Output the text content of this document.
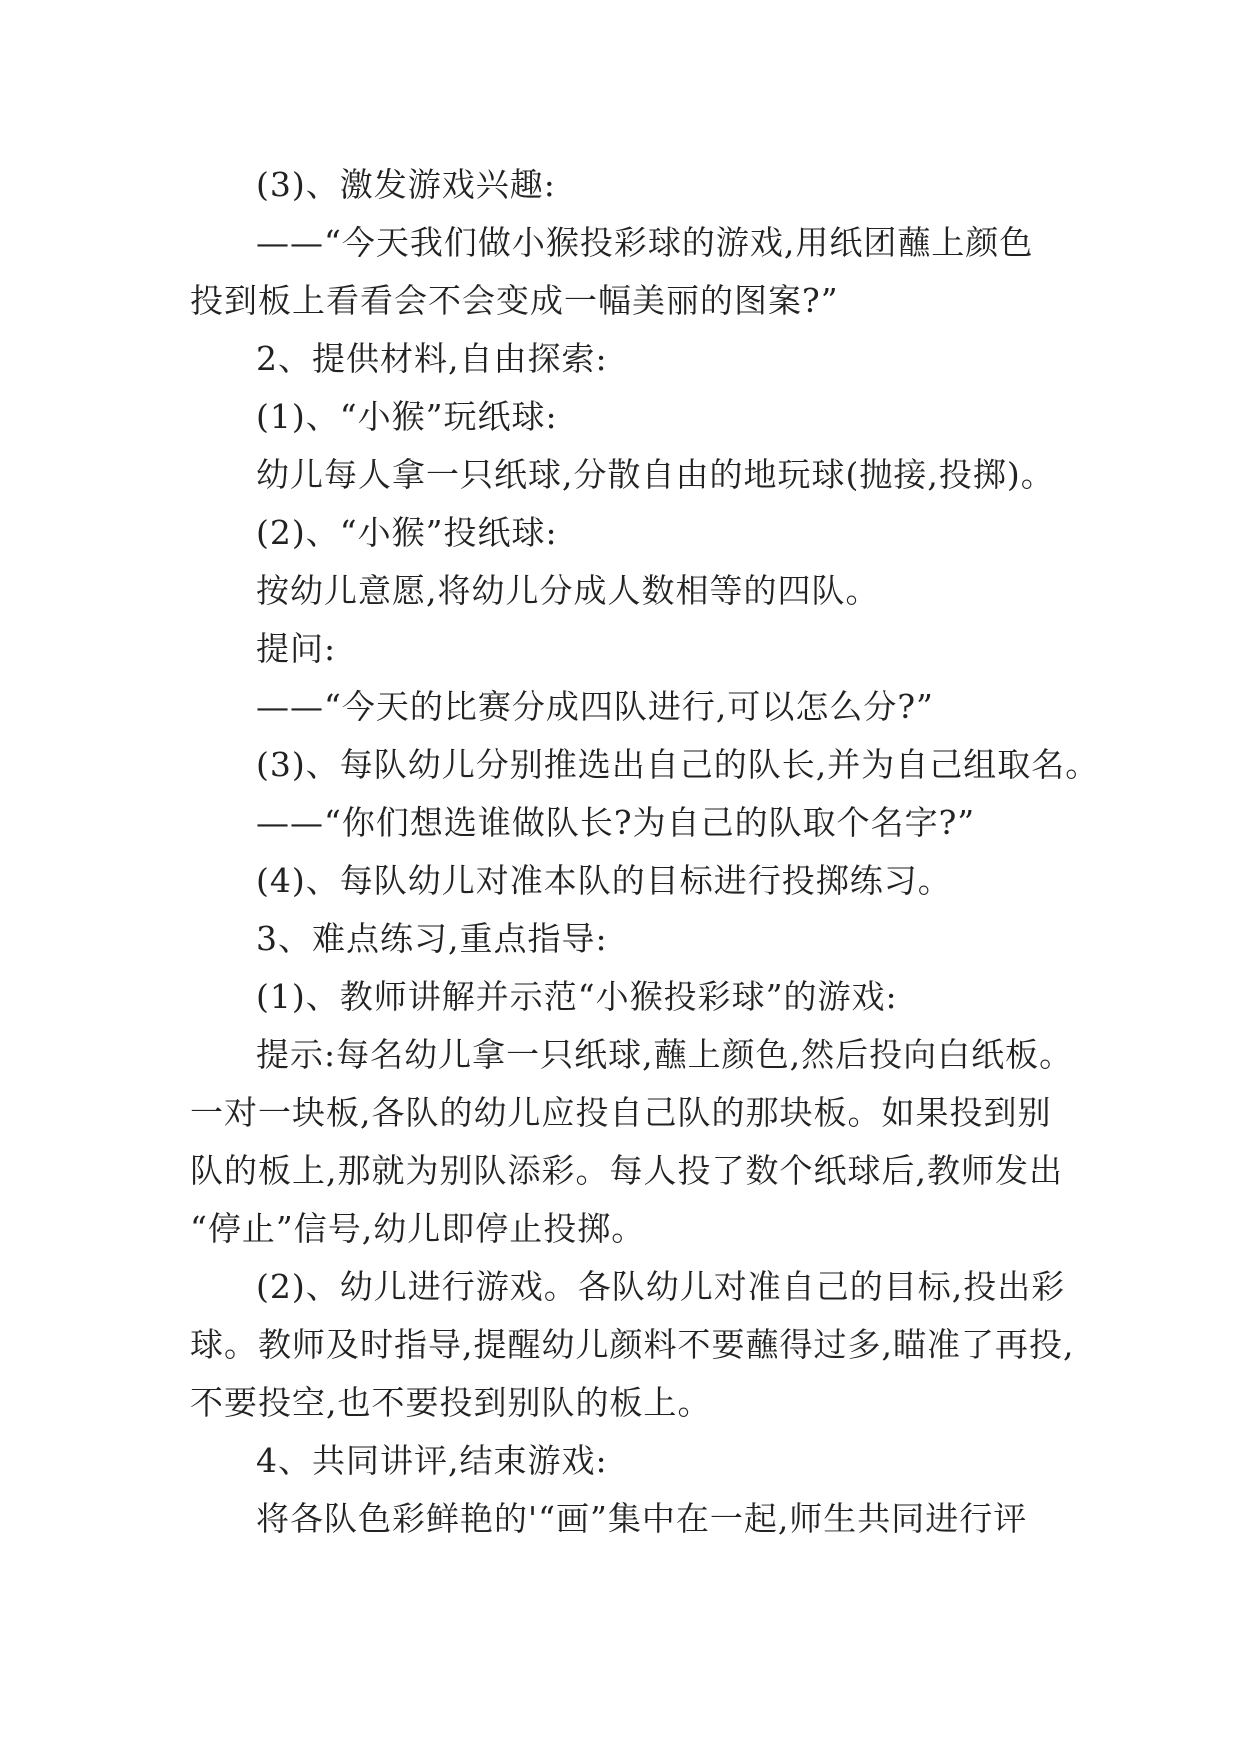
(3)、激发游戏兴趣:
——“今天我们做小猴投彩球的游戏,用纸团蘸上颜色
投到板上看看会不会变成一幅美丽的图案?”
2、提供材料,自由探索:
(1)、“小猴”玩纸球:
幼儿每人拿一只纸球,分散自由的地玩球(抛接,投掷)。
(2)、“小猴”投纸球:
按幼儿意愿,将幼儿分成人数相等的四队。
提问:
——“今天的比赛分成四队进行,可以怎么分?”
(3)、每队幼儿分别推选出自己的队长,并为自己组取名。
——“你们想选谁做队长?为自己的队取个名字?”
(4)、每队幼儿对准本队的目标进行投掷练习。
3、难点练习,重点指导:
(1)、教师讲解并示范“小猴投彩球”的游戏:
提示:每名幼儿拿一只纸球,蘸上颜色,然后投向白纸板。
一对一块板,各队的幼儿应投自己队的那块板。如果投到别
队的板上,那就为别队添彩。每人投了数个纸球后,教师发出
“停止”信号,幼儿即停止投掷。
(2)、幼儿进行游戏。各队幼儿对准自己的目标,投出彩
球。教师及时指导,提醒幼儿颜料不要蘸得过多,瞄准了再投,
不要投空,也不要投到别队的板上。
4、共同讲评,结束游戏:
将各队色彩鲜艳的'“画”集中在一起,师生共同进行评
